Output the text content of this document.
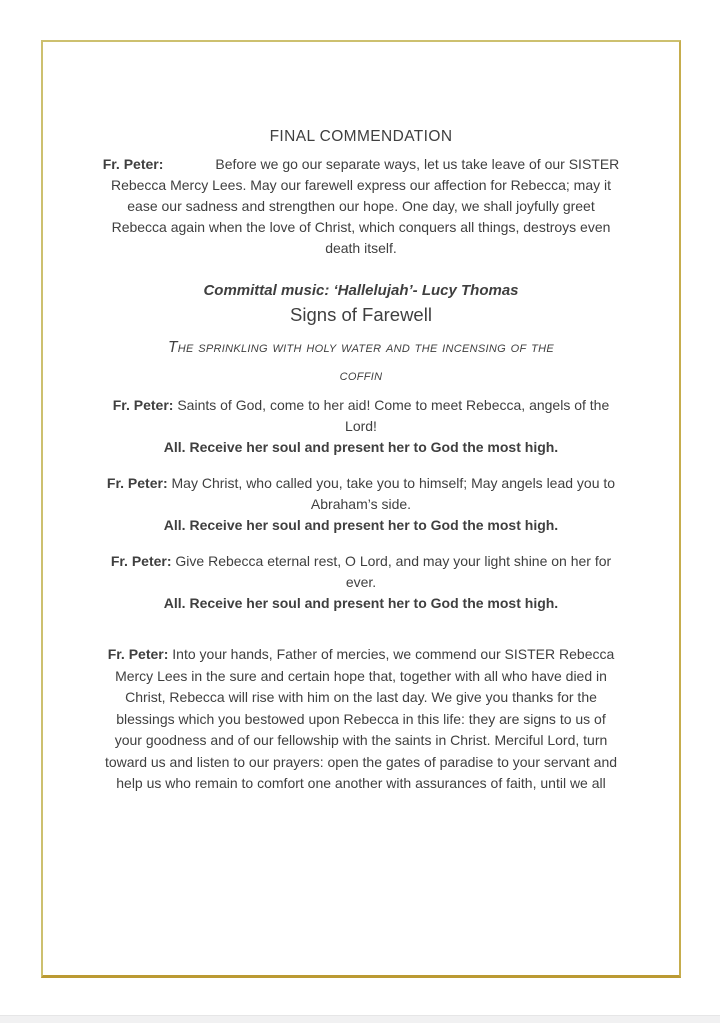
FINAL COMMENDATION

Fr. Peter:	Before we go our separate ways, let us take leave of our SISTER Rebecca Mercy Lees. May our farewell express our affection for Rebecca; may it ease our sadness and strengthen our hope. One day, we shall joyfully greet Rebecca again when the love of Christ, which conquers all things, destroys even death itself.

Committal music: ‘Hallelujah’- Lucy Thomas

Signs of Farewell
The sprinkling with holy water and the incensing of the
coffin

Fr. Peter: Saints of God, come to her aid! Come to meet Rebecca, angels of the Lord!

All. Receive her soul and present her to God the most high.

Fr. Peter: May Christ, who called you, take you to himself; May angels lead you to Abraham’s side.

All. Receive her soul and present her to God the most high.

Fr. Peter: Give Rebecca eternal rest, O Lord, and may your light shine on her for ever.

All. Receive her soul and present her to God the most high.

Fr. Peter: Into your hands, Father of mercies, we commend our SISTER Rebecca Mercy Lees in the sure and certain hope that, together with all who have died in Christ, Rebecca will rise with him on the last day. We give you thanks for the blessings which you bestowed upon Rebecca in this life: they are signs to us of your goodness and of our fellowship with the saints in Christ. Merciful Lord, turn toward us and listen to our prayers: open the gates of paradise to your servant and help us who remain to comfort one another with assurances of faith, until we all
